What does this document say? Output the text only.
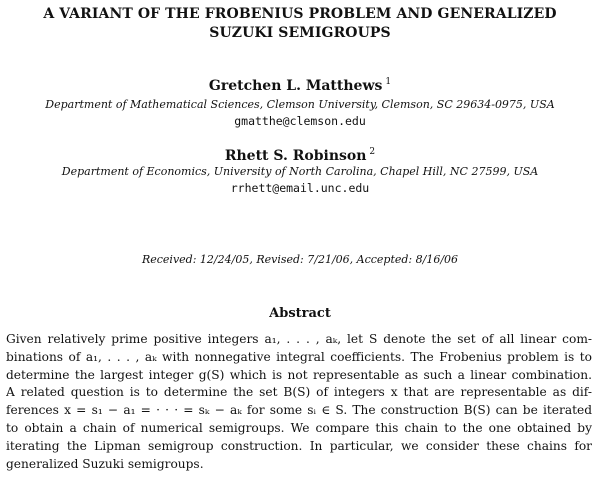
A VARIANT OF THE FROBENIUS PROBLEM AND GENERALIZED
SUZUKI SEMIGROUPS
Gretchen L. Matthews $^1$
Department of Mathematical Sciences, Clemson University, Clemson, SC 29634-0975, USA
gmatthe@clemson.edu
Rhett S. Robinson $^2$
Department of Economics, University of North Carolina, Chapel Hill, NC 27599, USA
rrhett@email.unc.edu
Received: 12/24/05, Revised: 7/21/06, Accepted: 8/16/06
Abstract
Given relatively prime positive integers a₁, . . . , aₖ, let S denote the set of all linear com-
binations of a₁, . . . , aₖ with nonnegative integral coefficients. The Frobenius problem is to
determine the largest integer g(S) which is not representable as such a linear combination.
A related question is to determine the set B(S) of integers x that are representable as dif-
ferences x = s₁ − a₁ = · · · = sₖ − aₖ for some sᵢ ∈ S. The construction B(S) can be iterated
to obtain a chain of numerical semigroups. We compare this chain to the one obtained by
iterating the Lipman semigroup construction. In particular, we consider these chains for
generalized Suzuki semigroups.
